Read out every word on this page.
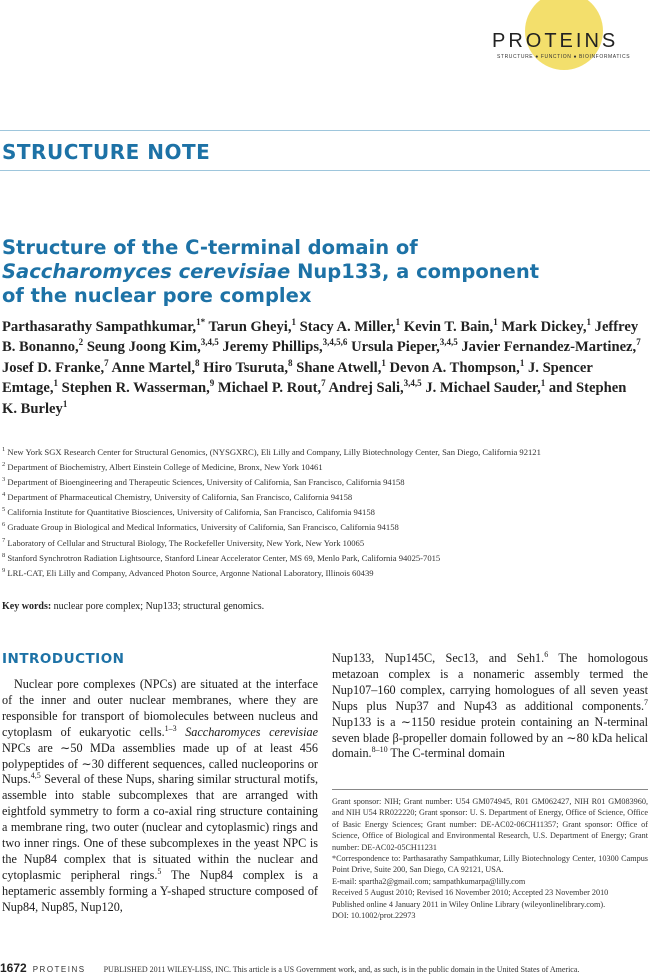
PROTEINS
STRUCTURE ● FUNCTION ● BIOINFORMATICS
STRUCTURE NOTE
Structure of the C-terminal domain of
Saccharomyces cerevisiae Nup133, a component
of the nuclear pore complex
Parthasarathy Sampathkumar,$^{1*}$ Tarun Gheyi,$^1$ Stacy A. Miller,$^1$ Kevin T. Bain,$^1$ Mark Dickey,$^1$ Jeffrey B. Bonanno,$^2$ Seung Joong Kim,$^{3,4,5}$ Jeremy Phillips,$^{3,4,5,6}$ Ursula Pieper,$^{3,4,5}$ Javier Fernandez-Martinez,$^7$ Josef D. Franke,$^7$ Anne Martel,$^8$ Hiro Tsuruta,$^8$ Shane Atwell,$^1$ Devon A. Thompson,$^1$ J. Spencer Emtage,$^1$ Stephen R. Wasserman,$^9$ Michael P. Rout,$^7$ Andrej Sali,$^{3,4,5}$ J. Michael Sauder,$^1$ and Stephen K. Burley$^1$
$^1$ New York SGX Research Center for Structural Genomics, (NYSGXRC), Eli Lilly and Company, Lilly Biotechnology Center, San Diego, California 92121
$^2$ Department of Biochemistry, Albert Einstein College of Medicine, Bronx, New York 10461
$^3$ Department of Bioengineering and Therapeutic Sciences, University of California, San Francisco, California 94158
$^4$ Department of Pharmaceutical Chemistry, University of California, San Francisco, California 94158
$^5$ California Institute for Quantitative Biosciences, University of California, San Francisco, California 94158
$^6$ Graduate Group in Biological and Medical Informatics, University of California, San Francisco, California 94158
$^7$ Laboratory of Cellular and Structural Biology, The Rockefeller University, New York, New York 10065
$^8$ Stanford Synchrotron Radiation Lightsource, Stanford Linear Accelerator Center, MS 69, Menlo Park, California 94025-7015
$^9$ LRL-CAT, Eli Lilly and Company, Advanced Photon Source, Argonne National Laboratory, Illinois 60439
Key words: nuclear pore complex; Nup133; structural genomics.
INTRODUCTION
Nuclear pore complexes (NPCs) are situated at the interface of the inner and outer nuclear membranes, where they are responsible for transport of biomolecules between nucleus and cytoplasm of eukaryotic cells.$^{1-3}$ Saccharomyces cerevisiae NPCs are ∼50 MDa assemblies made up of at least 456 polypeptides of ∼30 different sequences, called nucleoporins or Nups.$^{4,5}$ Several of these Nups, sharing similar structural motifs, assemble into stable subcomplexes that are arranged with eightfold symmetry to form a co-axial ring structure containing a membrane ring, two outer (nuclear and cytoplasmic) rings and two inner rings. One of these subcomplexes in the yeast NPC is the Nup84 complex that is situated within the nuclear and cytoplasmic peripheral rings.$^5$ The Nup84 complex is a heptameric assembly forming a Y-shaped structure composed of Nup84, Nup85, Nup120,
Nup133, Nup145C, Sec13, and Seh1.$^6$ The homologous metazoan complex is a nonameric assembly termed the Nup107–160 complex, carrying homologues of all seven yeast Nups plus Nup37 and Nup43 as additional components.$^7$ Nup133 is a ∼1150 residue protein containing an N-terminal seven blade β-propeller domain followed by an ∼80 kDa helical domain.$^{8-10}$ The C-terminal domain
Grant sponsor: NIH; Grant number: U54 GM074945, R01 GM062427, NIH R01 GM083960, and NIH U54 RR022220; Grant sponsor: U. S. Department of Energy, Office of Science, Office of Basic Energy Sciences; Grant number: DE-AC02-06CH11357; Grant sponsor: Office of Science, Office of Biological and Environmental Research, U.S. Department of Energy; Grant number: DE-AC02-05CH11231
*Correspondence to: Parthasarathy Sampathkumar, Lilly Biotechnology Center, 10300 Campus Point Drive, Suite 200, San Diego, CA 92121, USA.
E-mail: spartha2@gmail.com; sampathkumarpa@lilly.com
Received 5 August 2010; Revised 16 November 2010; Accepted 23 November 2010
Published online 4 January 2011 in Wiley Online Library (wileyonlinelibrary.com).
DOI: 10.1002/prot.22973
1672 PROTEINS PUBLISHED 2011 WILEY-LISS, INC. This article is a US Government work, and, as such, is in the public domain in the United States of America.
